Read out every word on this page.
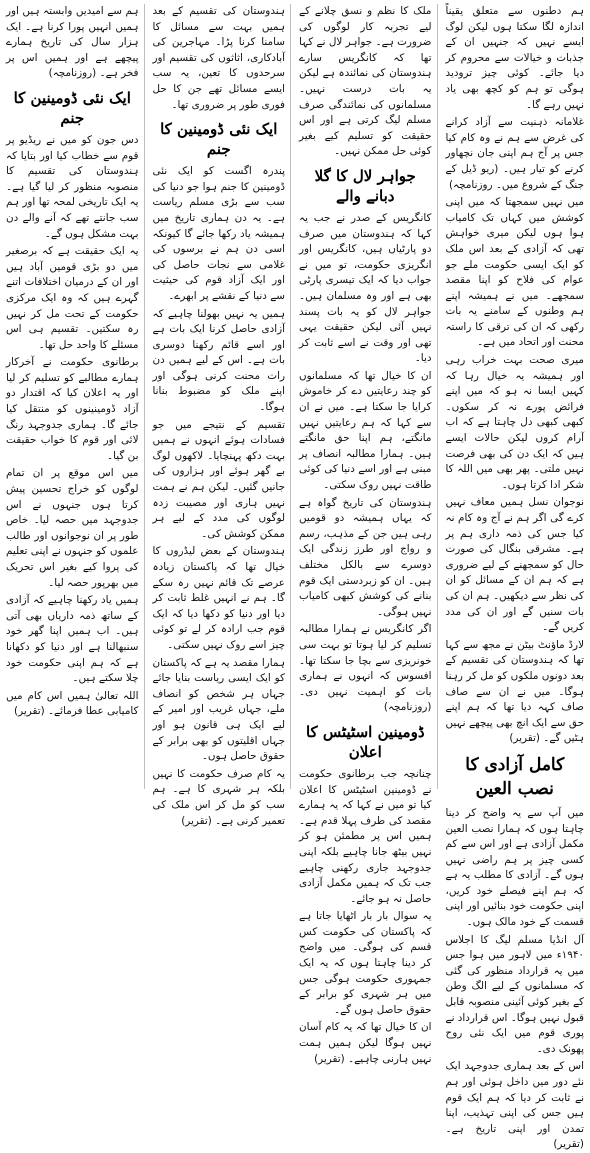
ہم دطنوں سے متعلق یقیناً اندازہ لگا سکتا ہوں لیکن لوگ ایسے نہیں کہ جنہیں ان کے جذبات و خیالات سے محروم کر دیا جائے۔ کوئی چیز ترودید ہوگی تو ہم کو کچھ بھی یاد نہیں رہے گا۔

غلامانہ ذہنیت سے آزاد کرانے کی غرض سے ہم نے وہ کام کیا جس پر آج ہم اپنی جان نچھاور کرنے کو تیار ہیں۔ (ریو ڈیل کے جنگ کے شروع میں۔ روزنامچہ)

میں نہیں سمجھتا کہ میں اپنی کوشش میں کہاں تک کامیاب ہوا ہوں لیکن میری خواہش تھی کہ آزادی کے بعد اس ملک کو ایک ایسی حکومت ملے جو عوام کی فلاح کو اپنا مقصد سمجھے۔ میں نے ہمیشہ اپنے ہم وطنوں کے سامنے یہ بات رکھی کہ ان کی ترقی کا راستہ محنت اور اتحاد میں ہے۔

میری صحت بہت خراب رہی اور ہمیشہ یہ خیال رہا کہ کہیں ایسا نہ ہو کہ میں اپنے فرائض پورے نہ کر سکوں۔ کبھی کبھی دل چاہتا ہے کہ اب آرام کروں لیکن حالات ایسے ہیں کہ ایک دن کی بھی فرصت نہیں ملتی۔ پھر بھی میں اللہ کا شکر ادا کرتا ہوں۔

نوجوان نسل ہمیں معاف نہیں کرے گی اگر ہم نے آج وہ کام نہ کیا جس کی ذمہ داری ہم پر ہے۔ مشرقی بنگال کی صورت حال کو سمجھنے کے لیے ضروری ہے کہ ہم ان کے مسائل کو ان کی نظر سے دیکھیں۔ ہم ان کی بات سنیں گے اور ان کی مدد کریں گے۔

لارڈ ماؤنٹ بیٹن نے مجھ سے کہا تھا کہ ہندوستان کی تقسیم کے بعد دونوں ملکوں کو مل کر رہنا ہوگا۔ میں نے ان سے صاف صاف کہہ دیا تھا کہ ہم اپنے حق سے ایک انچ بھی پیچھے نہیں ہٹیں گے۔ (تقریر)

کامل آزادی کا نصب العین

میں آپ سے یہ واضح کر دینا چاہتا ہوں کہ ہمارا نصب العین مکمل آزادی ہے اور اس سے کم کسی چیز پر ہم راضی نہیں ہوں گے۔ آزادی کا مطلب یہ ہے کہ ہم اپنے فیصلے خود کریں، اپنی حکومت خود بنائیں اور اپنی قسمت کے خود مالک ہوں۔

آل انڈیا مسلم لیگ کا اجلاس ۱۹۴۰ء میں لاہور میں ہوا جس میں یہ قرارداد منظور کی گئی کہ مسلمانوں کے لیے الگ وطن کے بغیر کوئی آئینی منصوبہ قابل قبول نہیں ہوگا۔ اس قرارداد نے پوری قوم میں ایک نئی روح پھونک دی۔

اس کے بعد ہماری جدوجہد ایک نئے دور میں داخل ہوئی اور ہم نے ثابت کر دیا کہ ہم ایک قوم ہیں جس کی اپنی تہذیب، اپنا تمدن اور اپنی تاریخ ہے۔ (تقریر)

ملک کا نظم و نسق چلانے کے لیے تجربہ کار لوگوں کی ضرورت ہے۔ جواہر لال نے کہا تھا کہ کانگریس سارے ہندوستان کی نمائندہ ہے لیکن یہ بات درست نہیں۔ مسلمانوں کی نمائندگی صرف مسلم لیگ کرتی ہے اور اس حقیقت کو تسلیم کیے بغیر کوئی حل ممکن نہیں۔

جواہر لال کا گلا دبانے والے

کانگریس کے صدر نے جب یہ کہا کہ ہندوستان میں صرف دو پارٹیاں ہیں، کانگریس اور انگریزی حکومت، تو میں نے جواب دیا کہ ایک تیسری پارٹی بھی ہے اور وہ مسلمان ہیں۔ جواہر لال کو یہ بات پسند نہیں آئی لیکن حقیقت یہی تھی اور وقت نے اسے ثابت کر دیا۔

ان کا خیال تھا کہ مسلمانوں کو چند رعایتیں دے کر خاموش کرایا جا سکتا ہے۔ میں نے ان سے کہا کہ ہم رعایتیں نہیں مانگتے، ہم اپنا حق مانگتے ہیں۔ ہمارا مطالبہ انصاف پر مبنی ہے اور اسے دنیا کی کوئی طاقت نہیں روک سکتی۔

ہندوستان کی تاریخ گواہ ہے کہ یہاں ہمیشہ دو قومیں رہی ہیں جن کے مذہب، رسم و رواج اور طرز زندگی ایک دوسرے سے بالکل مختلف ہیں۔ ان کو زبردستی ایک قوم بنانے کی کوشش کبھی کامیاب نہیں ہوگی۔

اگر کانگریس نے ہمارا مطالبہ تسلیم کر لیا ہوتا تو بہت سی خونریزی سے بچا جا سکتا تھا۔ افسوس کہ انہوں نے ہماری بات کو اہمیت نہیں دی۔ (روزنامچہ)

ڈومینین اسٹیٹس کا اعلان

چنانچہ جب برطانوی حکومت نے ڈومینین اسٹیٹس کا اعلان کیا تو میں نے کہا کہ یہ ہمارے مقصد کی طرف پہلا قدم ہے۔ ہمیں اس پر مطمئن ہو کر نہیں بیٹھ جانا چاہیے بلکہ اپنی جدوجہد جاری رکھنی چاہیے جب تک کہ ہمیں مکمل آزادی حاصل نہ ہو جائے۔

یہ سوال بار بار اٹھایا جاتا ہے کہ پاکستان کی حکومت کس قسم کی ہوگی۔ میں واضح کر دینا چاہتا ہوں کہ یہ ایک جمہوری حکومت ہوگی جس میں ہر شہری کو برابر کے حقوق حاصل ہوں گے۔

ان کا خیال تھا کہ یہ کام آسان نہیں ہوگا لیکن ہمیں ہمت نہیں ہارنی چاہیے۔ (تقریر)

ہندوستان کی تقسیم کے بعد ہمیں بہت سے مسائل کا سامنا کرنا پڑا۔ مہاجرین کی آبادکاری، اثاثوں کی تقسیم اور سرحدوں کا تعین، یہ سب ایسے مسائل تھے جن کا حل فوری طور پر ضروری تھا۔

ایک نئی ڈومینین کا جنم

پندرہ اگست کو ایک نئی ڈومینین کا جنم ہوا جو دنیا کی سب سے بڑی مسلم ریاست ہے۔ یہ دن ہماری تاریخ میں ہمیشہ یاد رکھا جائے گا کیونکہ اسی دن ہم نے برسوں کی غلامی سے نجات حاصل کی اور ایک آزاد قوم کی حیثیت سے دنیا کے نقشے پر ابھرے۔

ہمیں یہ نہیں بھولنا چاہیے کہ آزادی حاصل کرنا ایک بات ہے اور اسے قائم رکھنا دوسری بات ہے۔ اس کے لیے ہمیں دن رات محنت کرنی ہوگی اور اپنے ملک کو مضبوط بنانا ہوگا۔

تقسیم کے نتیجے میں جو فسادات ہوئے انہوں نے ہمیں بہت دکھ پہنچایا۔ لاکھوں لوگ بے گھر ہوئے اور ہزاروں کی جانیں گئیں۔ لیکن ہم نے ہمت نہیں ہاری اور مصیبت زدہ لوگوں کی مدد کے لیے ہر ممکن کوشش کی۔

ہندوستان کے بعض لیڈروں کا خیال تھا کہ پاکستان زیادہ عرصے تک قائم نہیں رہ سکے گا۔ ہم نے انہیں غلط ثابت کر دیا اور دنیا کو دکھا دیا کہ ایک قوم جب ارادہ کر لے تو کوئی چیز اسے روک نہیں سکتی۔

ہمارا مقصد یہ ہے کہ پاکستان کو ایک ایسی ریاست بنایا جائے جہاں ہر شخص کو انصاف ملے، جہاں غریب اور امیر کے لیے ایک ہی قانون ہو اور جہاں اقلیتوں کو بھی برابر کے حقوق حاصل ہوں۔

یہ کام صرف حکومت کا نہیں بلکہ ہر شہری کا ہے۔ ہم سب کو مل کر اس ملک کی تعمیر کرنی ہے۔ (تقریر)

ہم سے امیدیں وابستہ ہیں اور ہمیں انہیں پورا کرنا ہے۔ ایک ہزار سال کی تاریخ ہمارے پیچھے ہے اور ہمیں اس پر فخر ہے۔ (روزنامچہ)

ایک نئی ڈومینین کا جنم

دس جون کو میں نے ریڈیو پر قوم سے خطاب کیا اور بتایا کہ ہندوستان کی تقسیم کا منصوبہ منظور کر لیا گیا ہے۔ یہ ایک تاریخی لمحہ تھا اور ہم سب جانتے تھے کہ آنے والے دن بہت مشکل ہوں گے۔

یہ ایک حقیقت ہے کہ برصغیر میں دو بڑی قومیں آباد ہیں اور ان کے درمیان اختلافات اتنے گہرے ہیں کہ وہ ایک مرکزی حکومت کے تحت مل کر نہیں رہ سکتیں۔ تقسیم ہی اس مسئلے کا واحد حل تھا۔

برطانوی حکومت نے آخرکار ہمارے مطالبے کو تسلیم کر لیا اور یہ اعلان کیا کہ اقتدار دو آزاد ڈومینینوں کو منتقل کیا جائے گا۔ ہماری جدوجہد رنگ لائی اور قوم کا خواب حقیقت بن گیا۔

میں اس موقع پر ان تمام لوگوں کو خراج تحسین پیش کرتا ہوں جنہوں نے اس جدوجہد میں حصہ لیا۔ خاص طور پر ان نوجوانوں اور طالب علموں کو جنہوں نے اپنی تعلیم کی پروا کیے بغیر اس تحریک میں بھرپور حصہ لیا۔

ہمیں یاد رکھنا چاہیے کہ آزادی کے ساتھ ذمہ داریاں بھی آتی ہیں۔ اب ہمیں اپنا گھر خود سنبھالنا ہے اور دنیا کو دکھانا ہے کہ ہم اپنی حکومت خود چلا سکتے ہیں۔

اللہ تعالیٰ ہمیں اس کام میں کامیابی عطا فرمائے۔ (تقریر)
